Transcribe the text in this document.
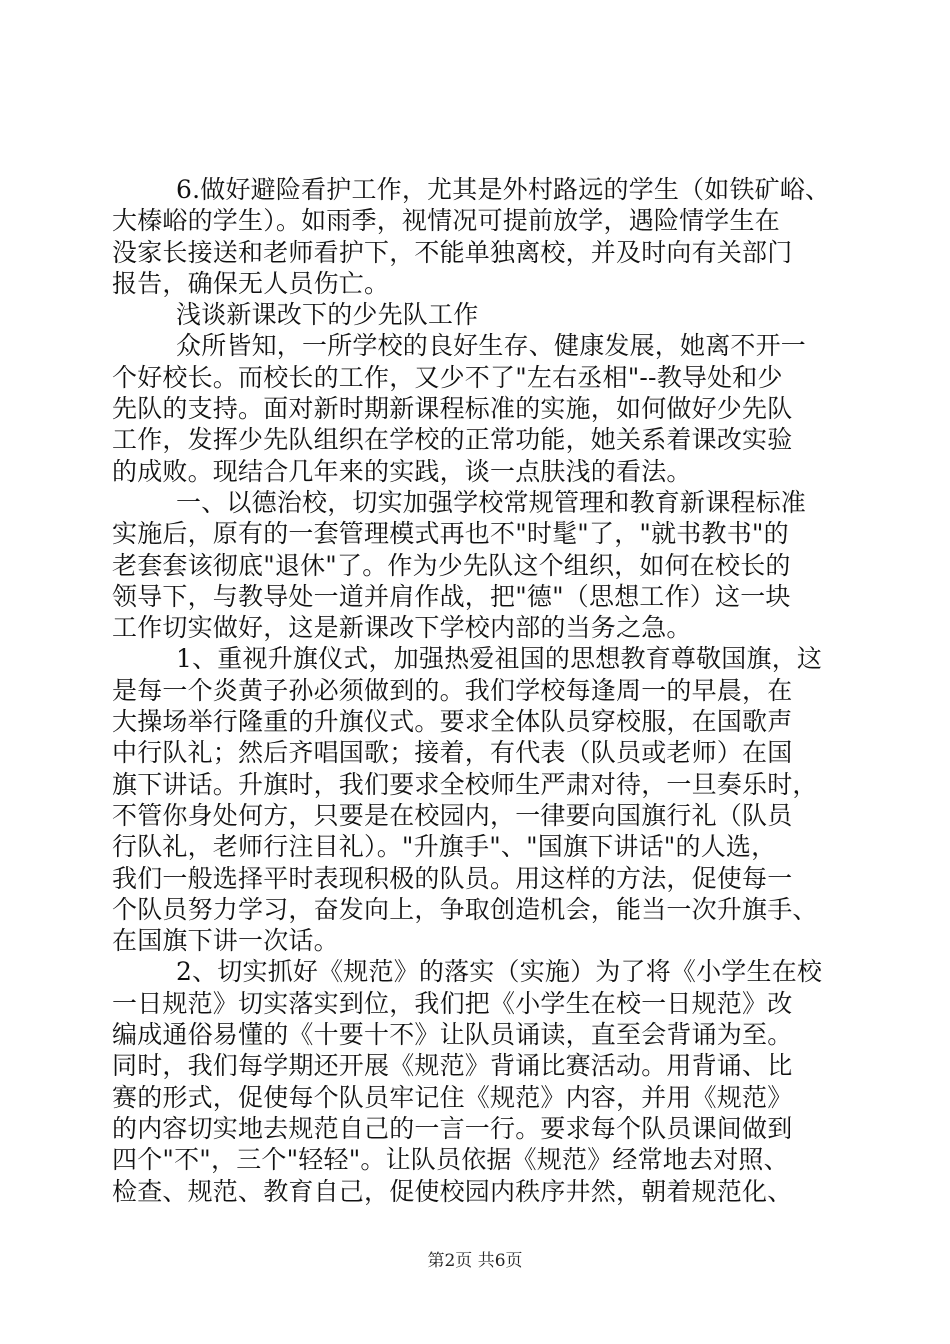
6.做好避险看护工作，尤其是外村路远的学生（如铁矿峪、
大榛峪的学生）。如雨季，视情况可提前放学，遇险情学生在
没家长接送和老师看护下，不能单独离校，并及时向有关部门
报告，确保无人员伤亡。
浅谈新课改下的少先队工作
众所皆知，一所学校的良好生存、健康发展，她离不开一
个好校长。而校长的工作，又少不了"左右丞相"--教导处和少
先队的支持。面对新时期新课程标准的实施，如何做好少先队
工作，发挥少先队组织在学校的正常功能，她关系着课改实验
的成败。现结合几年来的实践，谈一点肤浅的看法。
一、以德治校，切实加强学校常规管理和教育新课程标准
实施后，原有的一套管理模式再也不"时髦"了，"就书教书"的
老套套该彻底"退休"了。作为少先队这个组织，如何在校长的
领导下，与教导处一道并肩作战，把"德"（思想工作）这一块
工作切实做好，这是新课改下学校内部的当务之急。
1、重视升旗仪式，加强热爱祖国的思想教育尊敬国旗，这
是每一个炎黄子孙必须做到的。我们学校每逢周一的早晨，在
大操场举行隆重的升旗仪式。要求全体队员穿校服，在国歌声
中行队礼；然后齐唱国歌；接着，有代表（队员或老师）在国
旗下讲话。升旗时，我们要求全校师生严肃对待，一旦奏乐时，
不管你身处何方，只要是在校园内，一律要向国旗行礼（队员
行队礼，老师行注目礼）。"升旗手"、"国旗下讲话"的人选，
我们一般选择平时表现积极的队员。用这样的方法，促使每一
个队员努力学习，奋发向上，争取创造机会，能当一次升旗手、
在国旗下讲一次话。
2、切实抓好《规范》的落实（实施）为了将《小学生在校
一日规范》切实落实到位，我们把《小学生在校一日规范》改
编成通俗易懂的《十要十不》让队员诵读，直至会背诵为至。
同时，我们每学期还开展《规范》背诵比赛活动。用背诵、比
赛的形式，促使每个队员牢记住《规范》内容，并用《规范》
的内容切实地去规范自己的一言一行。要求每个队员课间做到
四个"不"，三个"轻轻"。让队员依据《规范》经常地去对照、
检查、规范、教育自己，促使校园内秩序井然，朝着规范化、
第2页 共6页
